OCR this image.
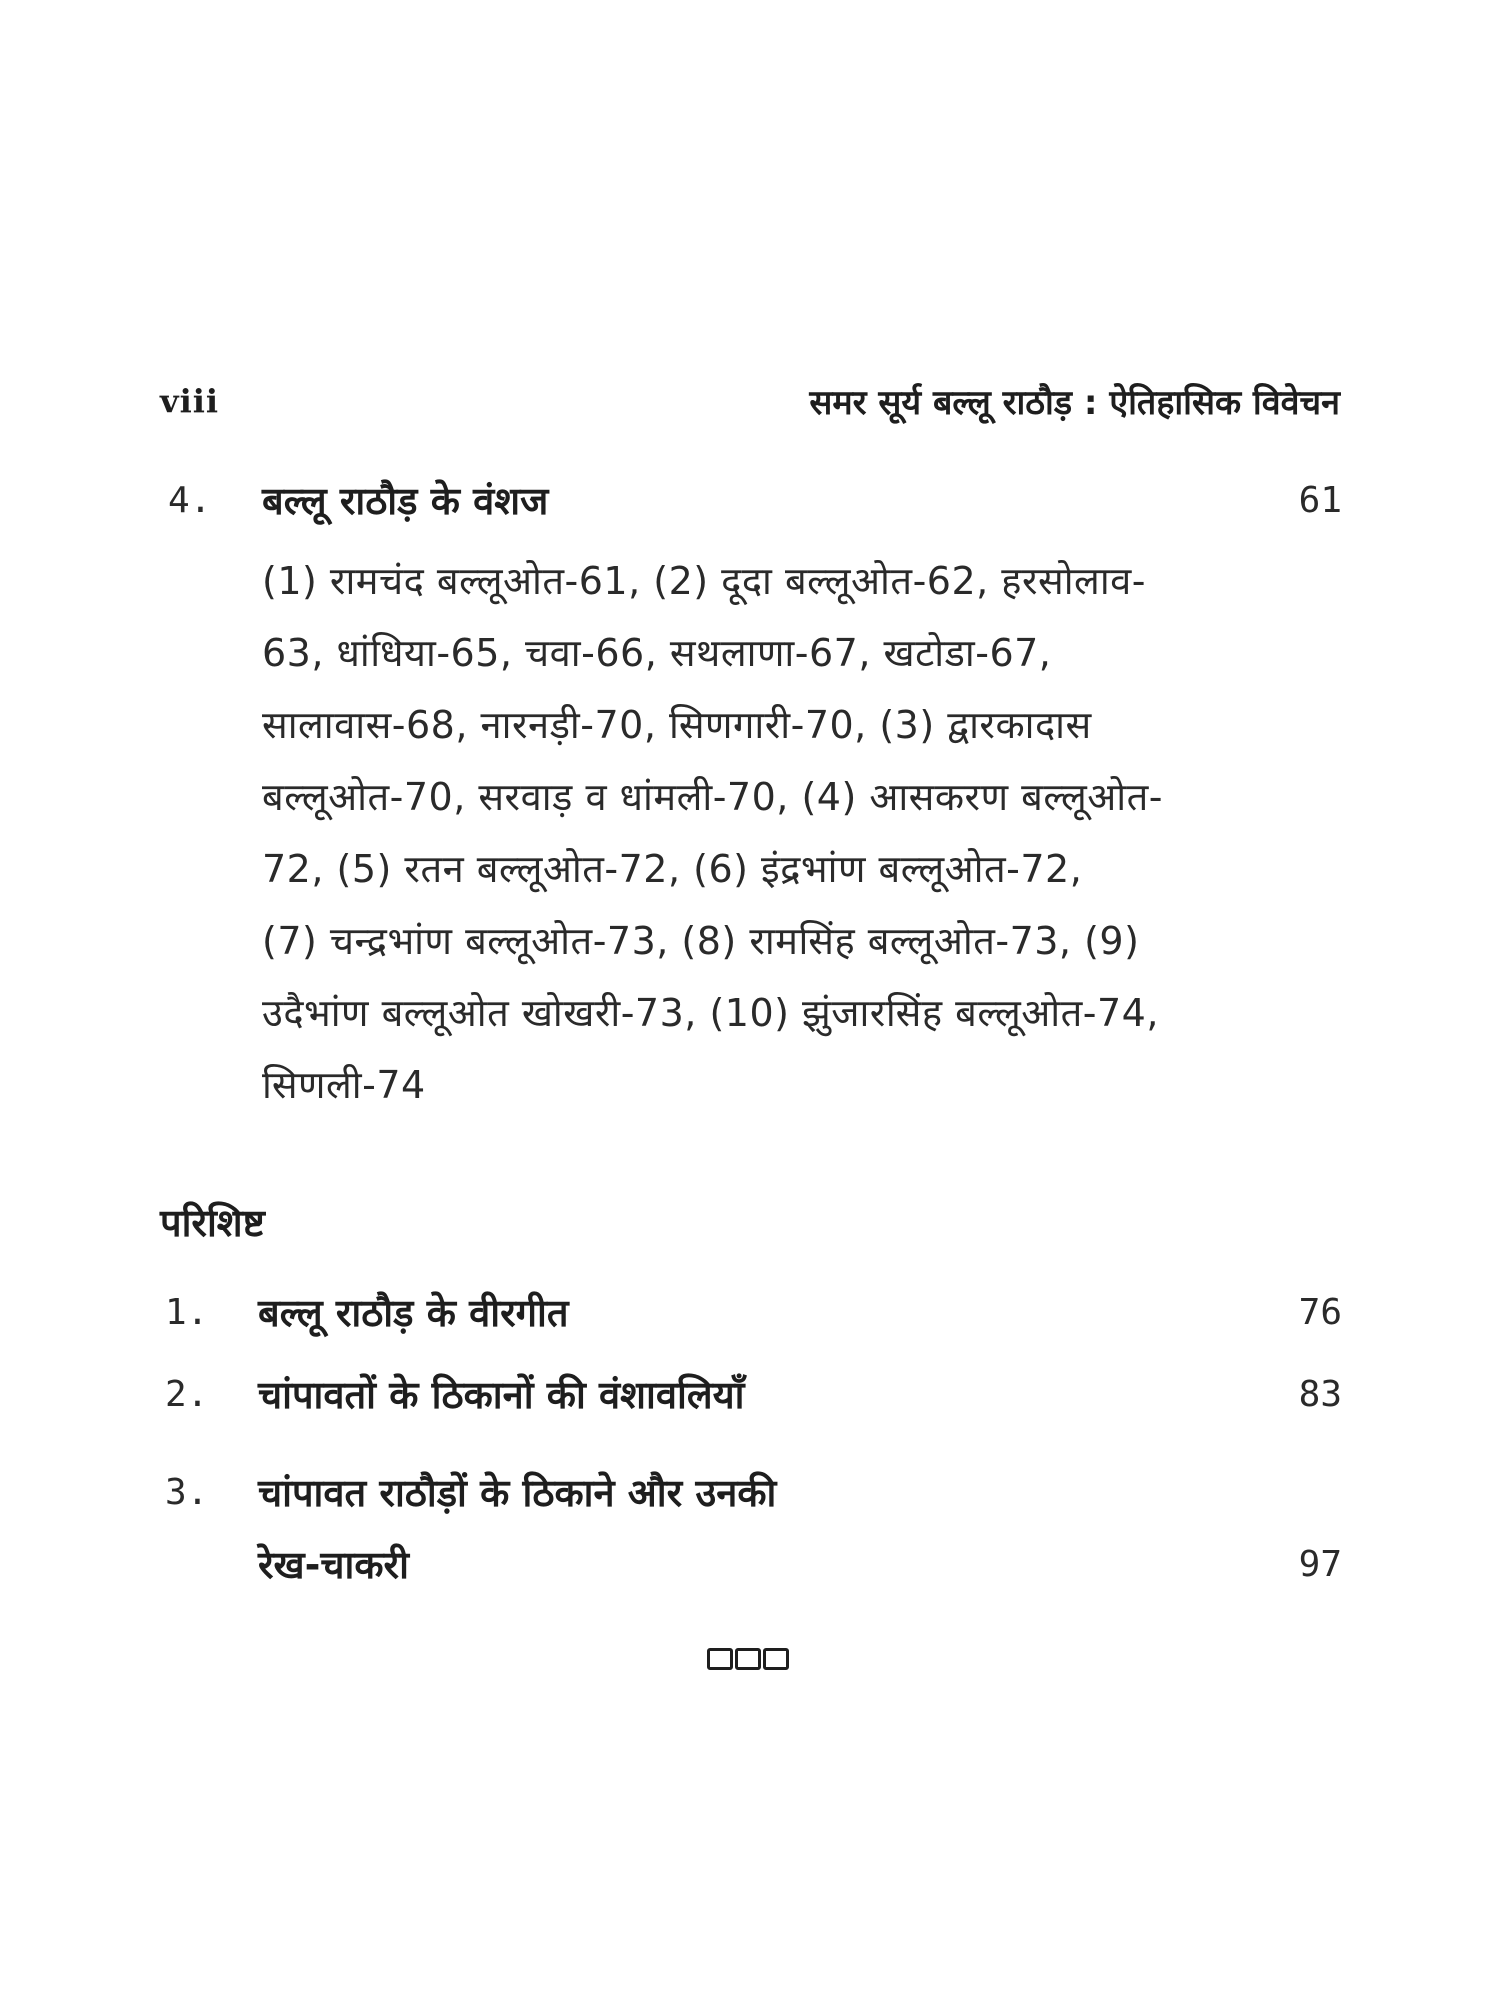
viii	समर सूर्य बल्लू राठौड़ : ऐतिहासिक विवेचन
4. बल्लू राठौड़ के वंशज	61
(1) रामचंद बल्लूओत-61, (2) दूदा बल्लूओत-62, हरसोलाव-
63, धांधिया-65, चवा-66, सथलाणा-67, खटोडा-67,
सालावास-68, नारनड़ी-70, सिणगारी-70, (3) द्वारकादास
बल्लूओत-70, सरवाड़ व धांमली-70, (4) आसकरण बल्लूओत-
72, (5) रतन बल्लूओत-72, (6) इंद्रभांण बल्लूओत-72,
(7) चन्द्रभांण बल्लूओत-73, (8) रामसिंह बल्लूओत-73, (9)
उदैभांण बल्लूओत खोखरी-73, (10) झुंजारसिंह बल्लूओत-74,
सिणली-74
परिशिष्ट
1. बल्लू राठौड़ के वीरगीत	76
2. चांपावतों के ठिकानों की वंशावलियाँ	83
3. चांपावत राठौड़ों के ठिकाने और उनकी
रेख-चाकरी	97
